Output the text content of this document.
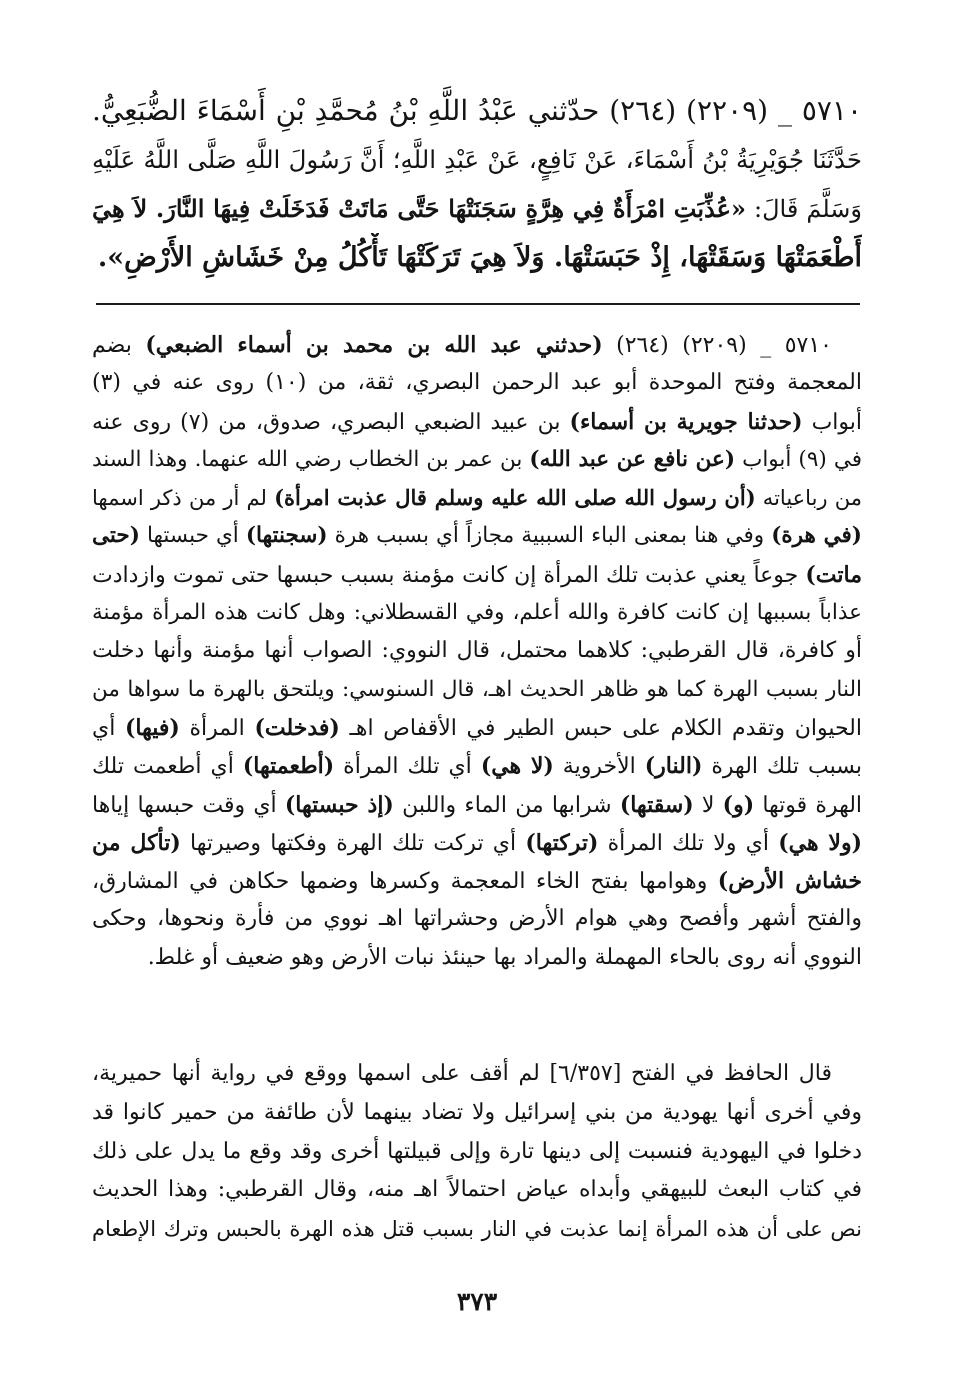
٥٧١٠ _ (٢٢٠٩) (٢٦٤) حدّثني عَبْدُ اللَّهِ بْنُ مُحمَّدِ بْنِ أَسْمَاءَ الضُّبَعِيُّ.
حَدَّثَنَا جُوَيْرِيَةُ بْنُ أَسْمَاءَ، عَنْ نَافِعٍ، عَنْ عَبْدِ اللَّهِ؛ أَنَّ رَسُولَ اللَّهِ صَلَّى اللَّهُ عَلَيْهِ
وَسَلَّمَ قَالَ: «عُذِّبَتِ امْرَأَةٌ فِي هِرَّةٍ سَجَنَتْهَا حَتَّى مَاتَتْ فَدَخَلَتْ فِيهَا النَّارَ. لاَ هِيَ
أَطْعَمَتْهَا وَسَقَتْهَا، إِذْ حَبَسَتْهَا. وَلاَ هِيَ تَرَكَتْهَا تَأْكُلُ مِنْ خَشَاشِ الأَرْضِ».
٥٧١٠ _ (٢٢٠٩) (٢٦٤) (حدثني عبد الله بن محمد بن أسماء الضبعي) بضم
المعجمة وفتح الموحدة أبو عبد الرحمن البصري، ثقة، من (١٠) روى عنه في (٣)
أبواب (حدثنا جويرية بن أسماء) بن عبيد الضبعي البصري، صدوق، من (٧) روى عنه
في (٩) أبواب (عن نافع عن عبد الله) بن عمر بن الخطاب رضي الله عنهما. وهذا السند
من رباعياته (أن رسول الله صلى الله عليه وسلم قال عذبت امرأة) لم أر من ذكر اسمها
(في هرة) وفي هنا بمعنى الباء السببية مجازاً أي بسبب هرة (سجنتها) أي حبستها (حتى
ماتت) جوعاً يعني عذبت تلك المرأة إن كانت مؤمنة بسبب حبسها حتى تموت وازدادت
عذاباً بسببها إن كانت كافرة والله أعلم، وفي القسطلاني: وهل كانت هذه المرأة مؤمنة
أو كافرة، قال القرطبي: كلاهما محتمل، قال النووي: الصواب أنها مؤمنة وأنها دخلت
النار بسبب الهرة كما هو ظاهر الحديث اهـ، قال السنوسي: ويلتحق بالهرة ما سواها من
الحيوان وتقدم الكلام على حبس الطير في الأقفاص اهـ (فدخلت) المرأة (فيها) أي
بسبب تلك الهرة (النار) الأخروية (لا هي) أي تلك المرأة (أطعمتها) أي أطعمت تلك
الهرة قوتها (و) لا (سقتها) شرابها من الماء واللبن (إذ حبستها) أي وقت حبسها إياها
(ولا هي) أي ولا تلك المرأة (تركتها) أي تركت تلك الهرة وفكتها وصيرتها (تأكل من
خشاش الأرض) وهوامها بفتح الخاء المعجمة وكسرها وضمها حكاهن في المشارق،
والفتح أشهر وأفصح وهي هوام الأرض وحشراتها اهـ نووي من فأرة ونحوها، وحكى
النووي أنه روى بالحاء المهملة والمراد بها حينئذ نبات الأرض وهو ضعيف أو غلط.
قال الحافظ في الفتح [٦/٣٥٧] لم أقف على اسمها ووقع في رواية أنها حميرية،
وفي أخرى أنها يهودية من بني إسرائيل ولا تضاد بينهما لأن طائفة من حمير كانوا قد
دخلوا في اليهودية فنسبت إلى دينها تارة وإلى قبيلتها أخرى وقد وقع ما يدل على ذلك
في كتاب البعث للبيهقي وأبداه عياض احتمالاً اهـ منه، وقال القرطبي: وهذا الحديث
نص على أن هذه المرأة إنما عذبت في النار بسبب قتل هذه الهرة بالحبس وترك الإطعام
٣٧٣
